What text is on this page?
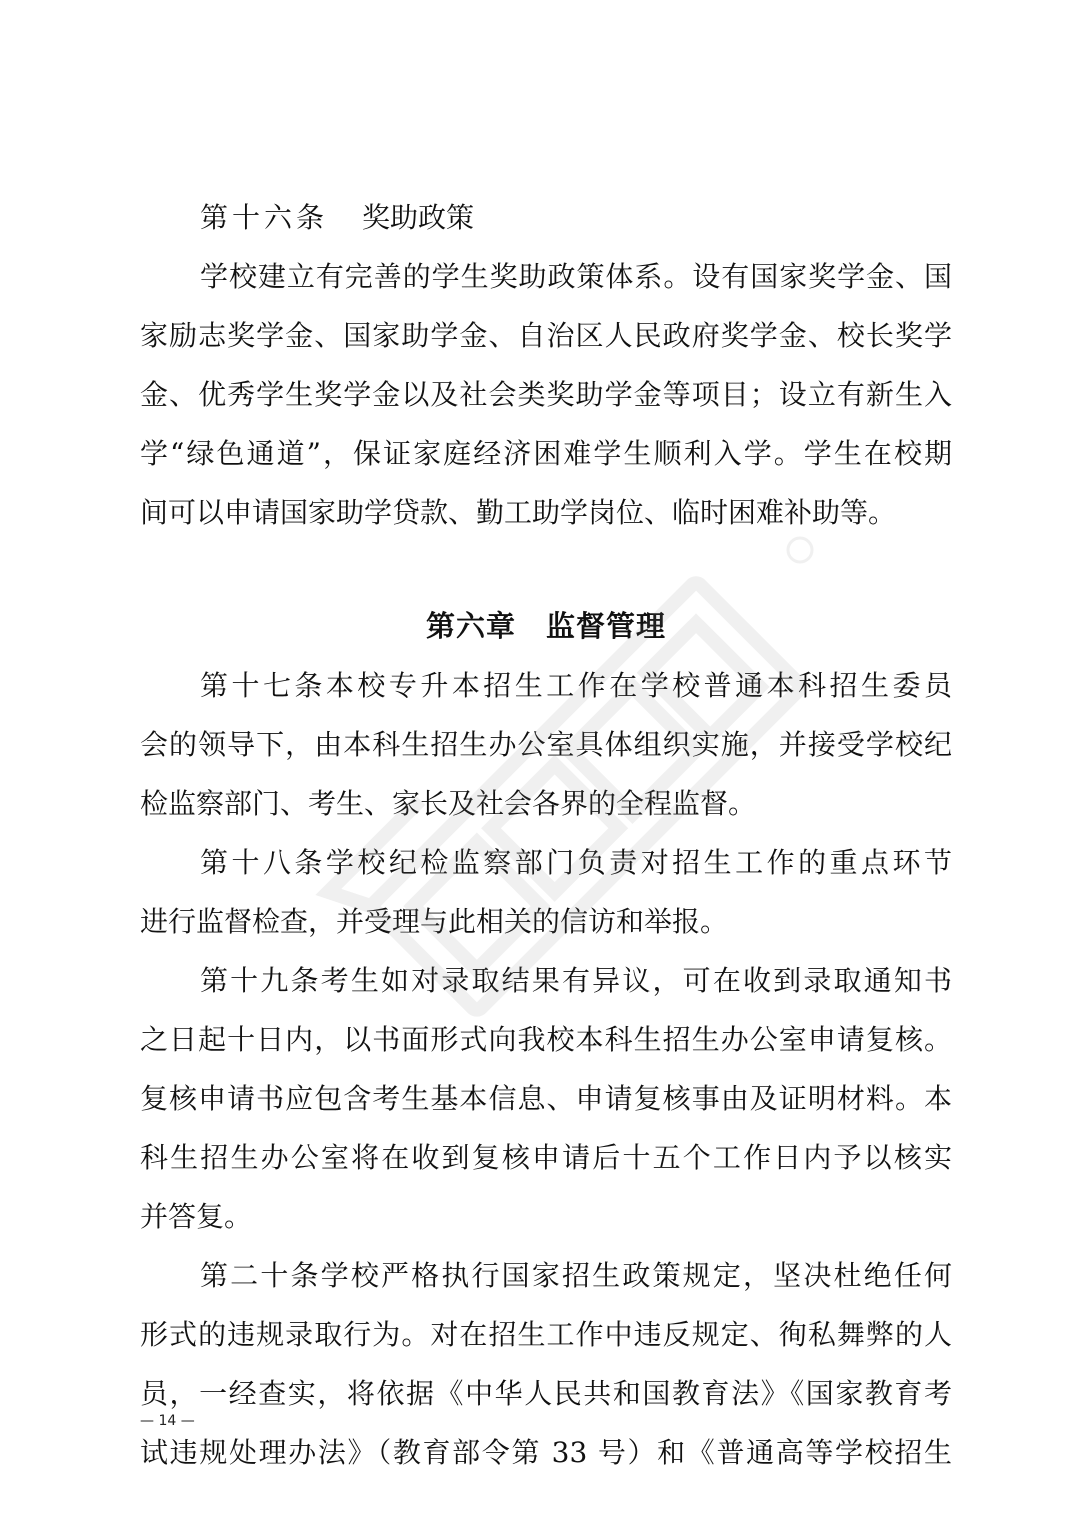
第十六条 奖助政策
学校建立有完善的学生奖助政策体系。设有国家奖学金、国
家励志奖学金、国家助学金、自治区人民政府奖学金、校长奖学
金、优秀学生奖学金以及社会类奖助学金等项目；设立有新生入
学“绿色通道”，保证家庭经济困难学生顺利入学。学生在校期
间可以申请国家助学贷款、勤工助学岗位、临时困难补助等。
第六章 监督管理
第十七条本校专升本招生工作在学校普通本科招生委员
会的领导下，由本科生招生办公室具体组织实施，并接受学校纪
检监察部门、考生、家长及社会各界的全程监督。
第十八条学校纪检监察部门负责对招生工作的重点环节
进行监督检查，并受理与此相关的信访和举报。
第十九条考生如对录取结果有异议，可在收到录取通知书
之日起十日内，以书面形式向我校本科生招生办公室申请复核。
复核申请书应包含考生基本信息、申请复核事由及证明材料。本
科生招生办公室将在收到复核申请后十五个工作日内予以核实
并答复。
第二十条学校严格执行国家招生政策规定，坚决杜绝任何
形式的违规录取行为。对在招生工作中违反规定、徇私舞弊的人
员，一经查实，将依据《中华人民共和国教育法》《国家教育考
试违规处理办法》（教育部令第 33 号）和《普通高等学校招生
— 14 —
